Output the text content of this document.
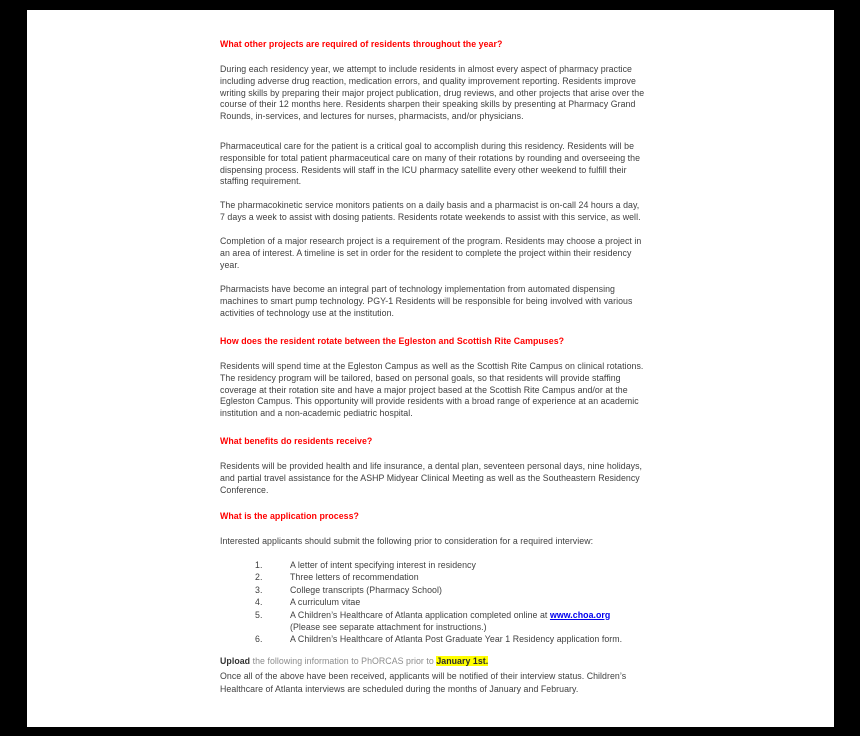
What other projects are required of residents throughout the year?
During each residency year, we attempt to include residents in almost every aspect of pharmacy practice including adverse drug reaction, medication errors, and quality improvement reporting. Residents improve writing skills by preparing their major project publication, drug reviews, and other projects that arise over the course of their 12 months here. Residents sharpen their speaking skills by presenting at Pharmacy Grand Rounds, in-services, and lectures for nurses, pharmacists, and/or physicians.
Pharmaceutical care for the patient is a critical goal to accomplish during this residency. Residents will be responsible for total patient pharmaceutical care on many of their rotations by rounding and overseeing the dispensing process. Residents will staff in the ICU pharmacy satellite every other weekend to fulfill their staffing requirement.
The pharmacokinetic service monitors patients on a daily basis and a pharmacist is on-call 24 hours a day, 7 days a week to assist with dosing patients. Residents rotate weekends to assist with this service, as well.
Completion of a major research project is a requirement of the program. Residents may choose a project in an area of interest. A timeline is set in order for the resident to complete the project within their residency year.
Pharmacists have become an integral part of technology implementation from automated dispensing machines to smart pump technology. PGY-1 Residents will be responsible for being involved with various activities of technology use at the institution.
How does the resident rotate between the Egleston and Scottish Rite Campuses?
Residents will spend time at the Egleston Campus as well as the Scottish Rite Campus on clinical rotations. The residency program will be tailored, based on personal goals, so that residents will provide staffing coverage at their rotation site and have a major project based at the Scottish Rite Campus and/or at the Egleston Campus. This opportunity will provide residents with a broad range of experience at an academic institution and a non-academic pediatric hospital.
What benefits do residents receive?
Residents will be provided health and life insurance, a dental plan, seventeen personal days, nine holidays, and partial travel assistance for the ASHP Midyear Clinical Meeting as well as the Southeastern Residency Conference.
What is the application process?
Interested applicants should submit the following prior to consideration for a required interview:
1.	A letter of intent specifying interest in residency
2.	Three letters of recommendation
3.	College transcripts (Pharmacy School)
4.	A curriculum vitae
5.	A Children’s Healthcare of Atlanta application completed online at www.choa.org
(Please see separate attachment for instructions.)
6.	A Children’s Healthcare of Atlanta Post Graduate Year 1 Residency application form.
Upload the following information to PhORCAS prior to January 1st.
Once all of the above have been received, applicants will be notified of their interview status. Children’s Healthcare of Atlanta interviews are scheduled during the months of January and February.
